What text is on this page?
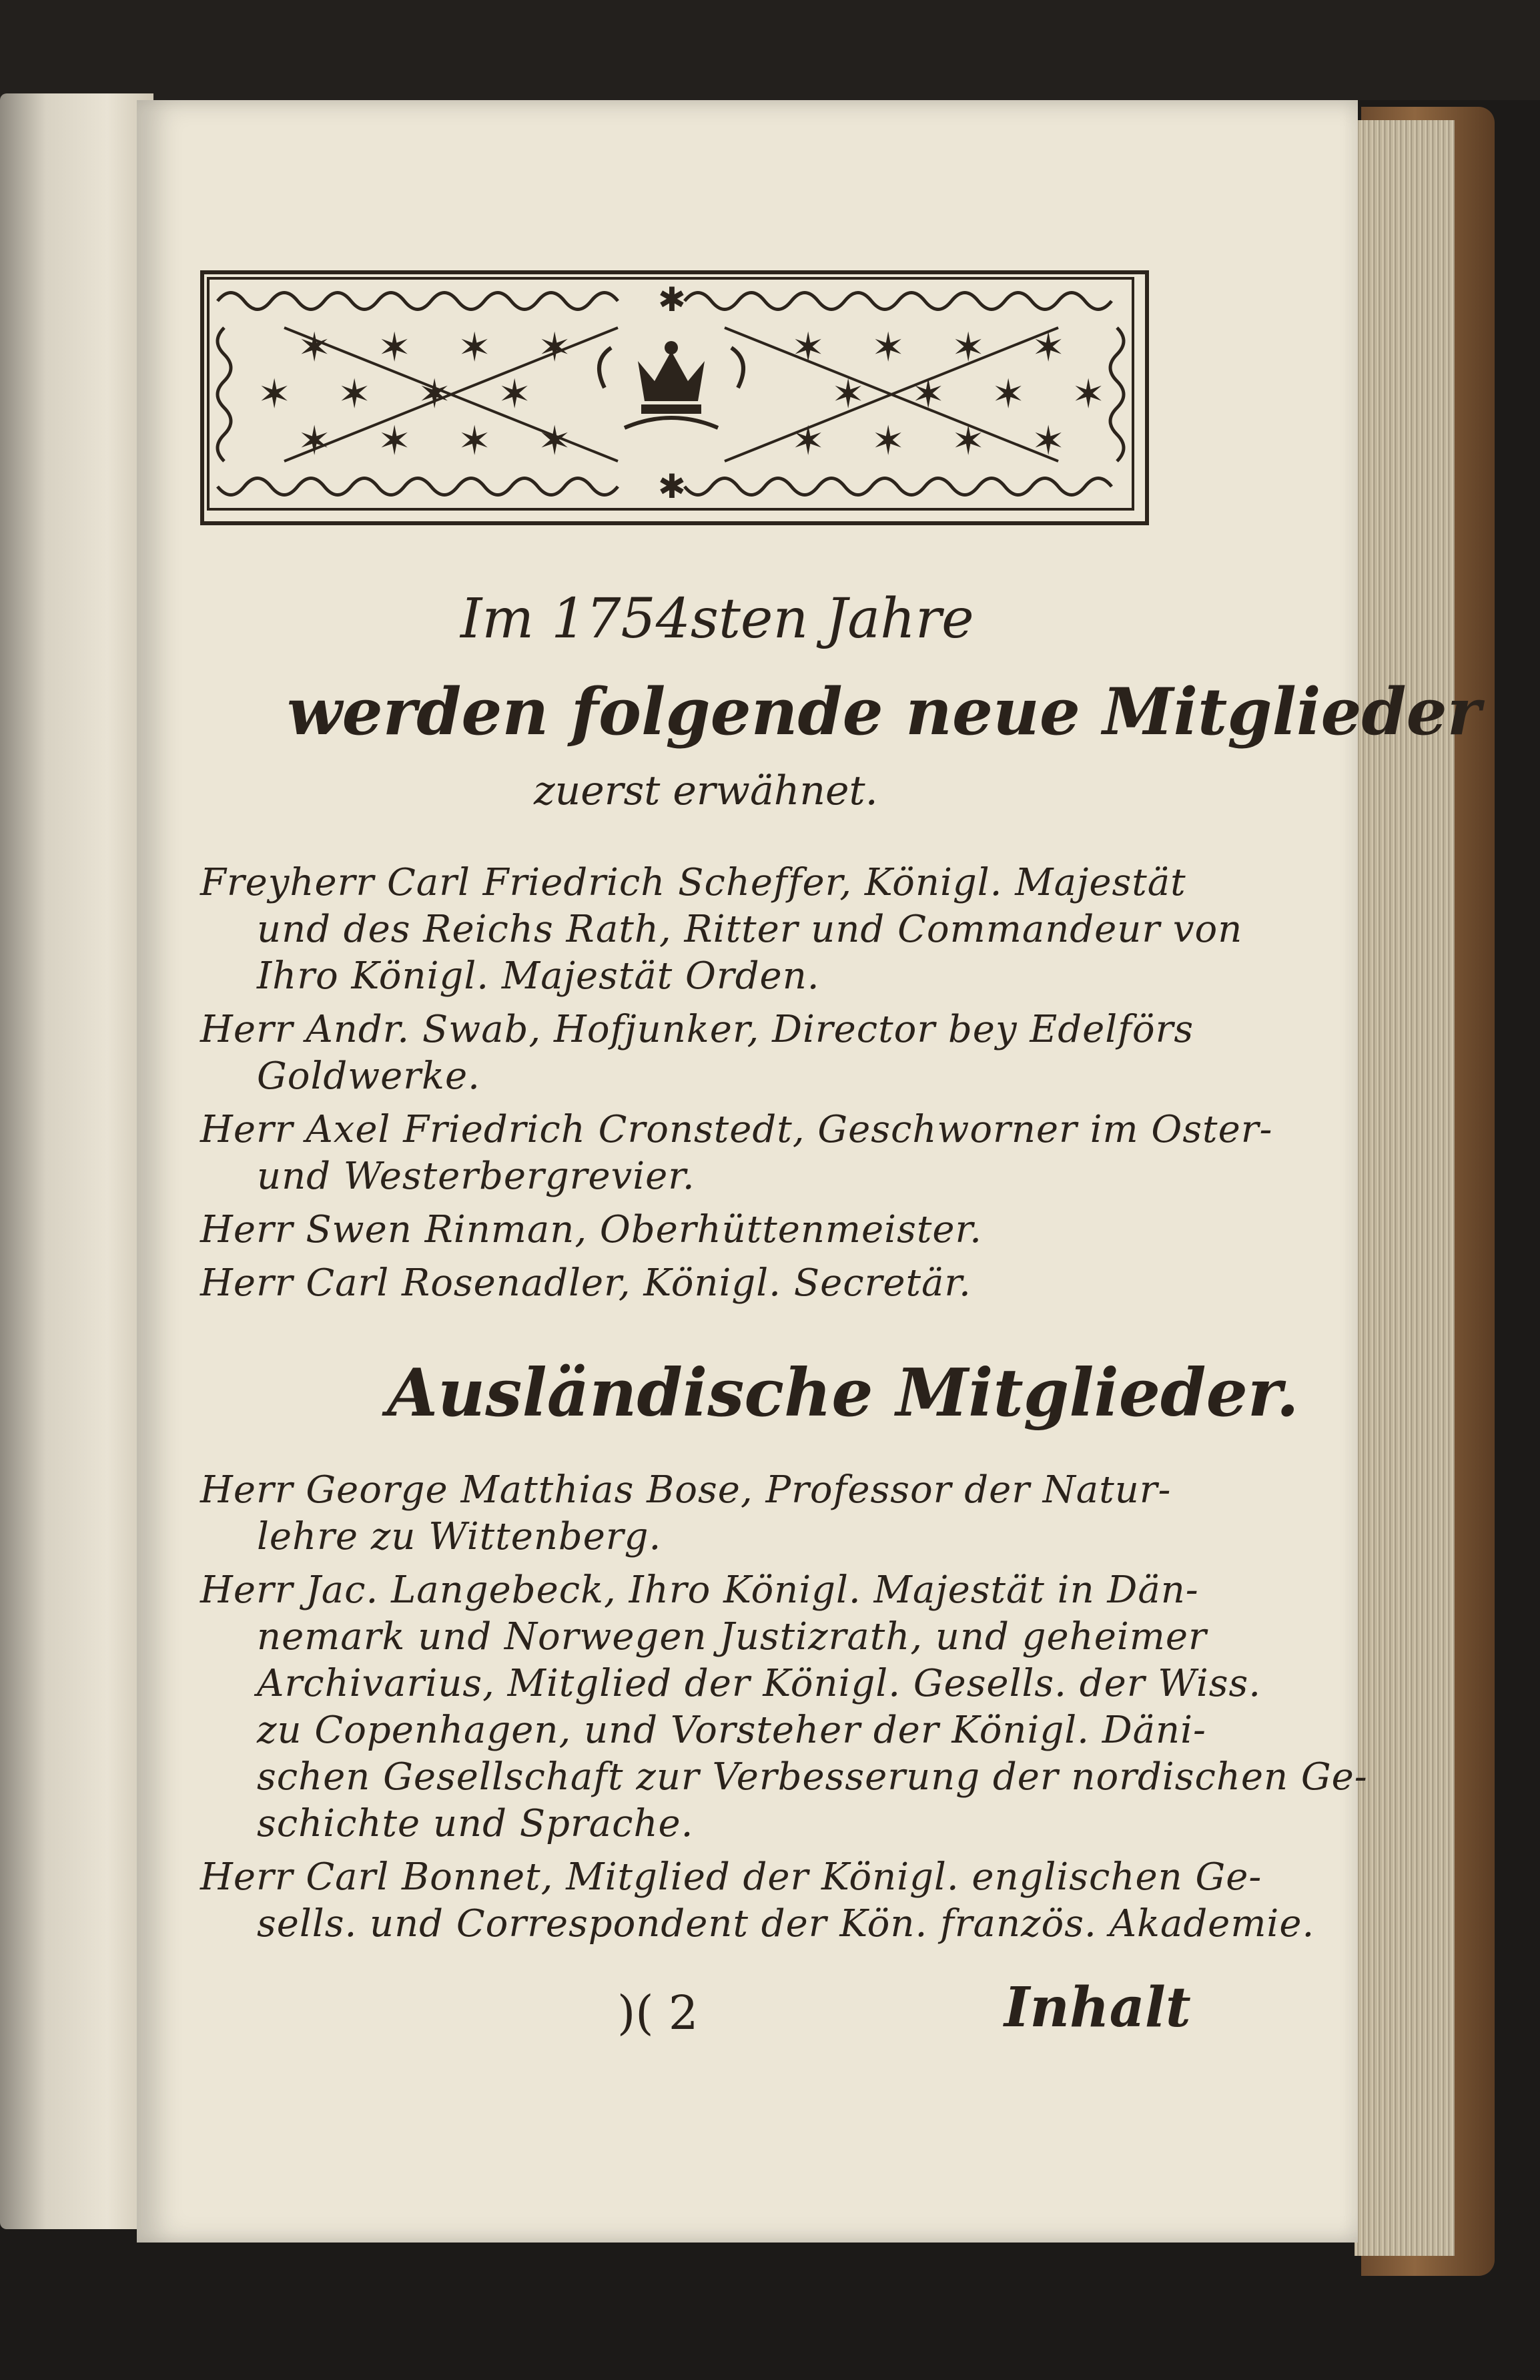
✶ ✶ ✶ ✶	✶ ✶ ✶ ✶
✶ ✶ ✶ ✶	✶ ✶ ✶ ✶
✶ ✶ ✶ ✶	✶ ✶ ✶ ✶
✱
✱
Im 1754sten Jahre
werden folgende neue Mitglieder
zuerst erwähnet.
Freyherr Carl Friedrich Scheffer, Königl. Majestät
und des Reichs Rath, Ritter und Commandeur von
Ihro Königl. Majestät Orden.
Herr Andr. Swab, Hofjunker, Director bey Edelförs
Goldwerke.
Herr Axel Friedrich Cronstedt, Geschworner im Oster-
und Westerbergrevier.
Herr Swen Rinman, Oberhüttenmeister.
Herr Carl Rosenadler, Königl. Secretär.
Ausländische Mitglieder.
Herr George Matthias Bose, Professor der Natur-
lehre zu Wittenberg.
Herr Jac. Langebeck, Ihro Königl. Majestät in Dän-
nemark und Norwegen Justizrath, und geheimer
Archivarius, Mitglied der Königl. Gesells. der Wiss.
zu Copenhagen, und Vorsteher der Königl. Däni-
schen Gesellschaft zur Verbesserung der nordischen Ge-
schichte und Sprache.
Herr Carl Bonnet, Mitglied der Königl. englischen Ge-
sells. und Correspondent der Kön. französ. Akademie.
)( 2	Inhalt
